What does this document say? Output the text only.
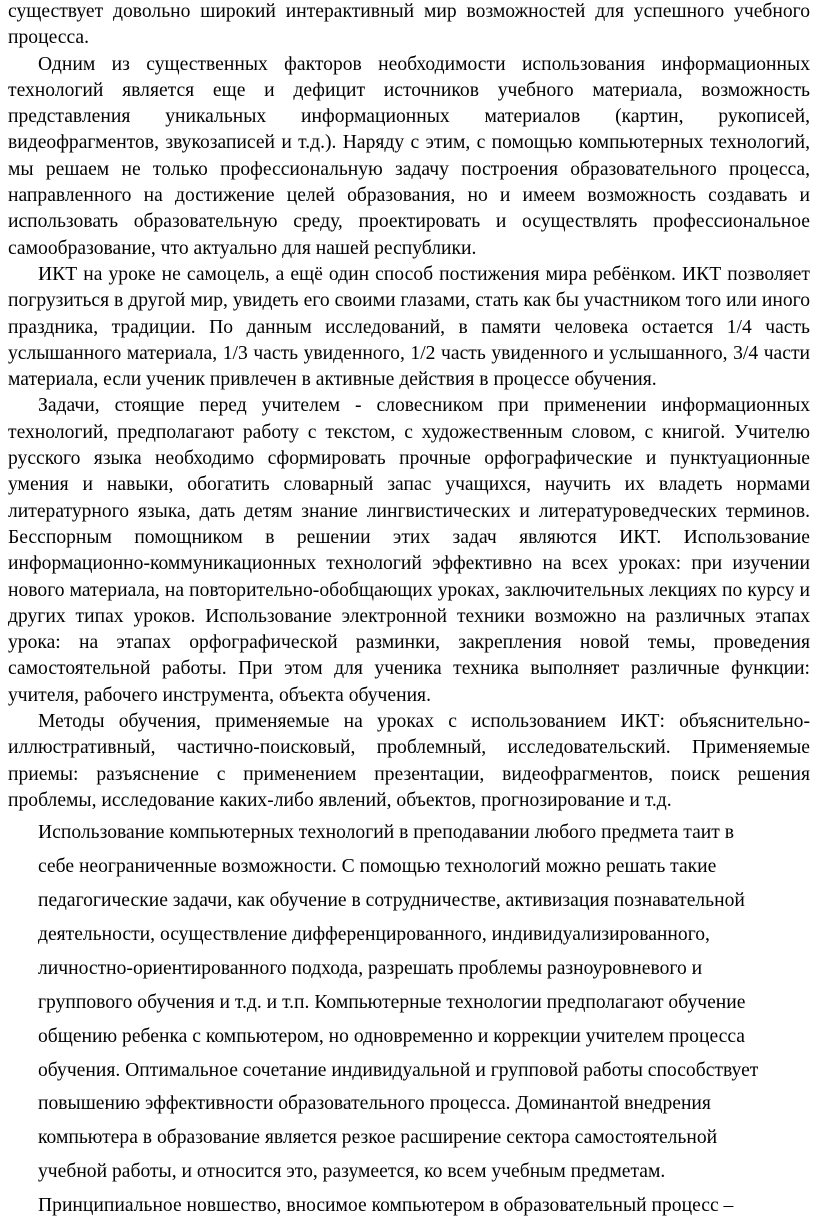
существует довольно широкий интерактивный мир возможностей для успешного учебного процесса.

Одним из существенных факторов необходимости использования информационных технологий является еще и дефицит источников учебного материала, возможность представления уникальных информационных материалов (картин, рукописей, видеофрагментов, звукозаписей и т.д.). Наряду с этим, с помощью компьютерных технологий, мы решаем не только профессиональную задачу построения образовательного процесса, направленного на достижение целей образования, но и имеем возможность создавать и использовать образовательную среду, проектировать и осуществлять профессиональное самообразование, что актуально для нашей республики.

ИКТ на уроке не самоцель, а ещё один способ постижения мира ребёнком. ИКТ позволяет погрузиться в другой мир, увидеть его своими глазами, стать как бы участником того или иного праздника, традиции. По данным исследований, в памяти человека остается 1/4 часть услышанного материала, 1/3 часть увиденного, 1/2 часть увиденного и услышанного, 3/4 части материала, если ученик привлечен в активные действия в процессе обучения.

Задачи, стоящие перед учителем - словесником при применении информационных технологий, предполагают работу с текстом, с художественным словом, с книгой. Учителю русского языка необходимо сформировать прочные орфографические и пунктуационные умения и навыки, обогатить словарный запас учащихся, научить их владеть нормами литературного языка, дать детям знание лингвистических и литературоведческих терминов. Бесспорным помощником в решении этих задач являются ИКТ. Использование информационно-коммуникационных технологий эффективно на всех уроках: при изучении нового материала, на повторительно-обобщающих уроках, заключительных лекциях по курсу и других типах уроков. Использование электронной техники возможно на различных этапах урока: на этапах орфографической разминки, закрепления новой темы, проведения самостоятельной работы. При этом для ученика техника выполняет различные функции: учителя, рабочего инструмента, объекта обучения.

Методы обучения, применяемые на уроках с использованием ИКТ: объяснительно-иллюстративный, частично-поисковый, проблемный, исследовательский. Применяемые приемы: разъяснение с применением презентации, видеофрагментов, поиск решения проблемы, исследование каких-либо явлений, объектов, прогнозирование и т.д.

Использование компьютерных технологий в преподавании любого предмета таит в
себе неограниченные возможности. С помощью технологий можно решать такие
педагогические задачи, как обучение в сотрудничестве, активизация познавательной
деятельности, осуществление дифференцированного, индивидуализированного,
личностно-ориентированного подхода, разрешать проблемы разноуровневого и
группового обучения и т.д. и т.п. Компьютерные технологии предполагают обучение
общению ребенка с компьютером, но одновременно и коррекции учителем процесса
обучения. Оптимальное сочетание индивидуальной и групповой работы способствует
повышению эффективности образовательного процесса. Доминантой внедрения
компьютера в образование является резкое расширение сектора самостоятельной
учебной работы, и относится это, разумеется, ко всем учебным предметам.
Принципиальное новшество, вносимое компьютером в образовательный процесс –
